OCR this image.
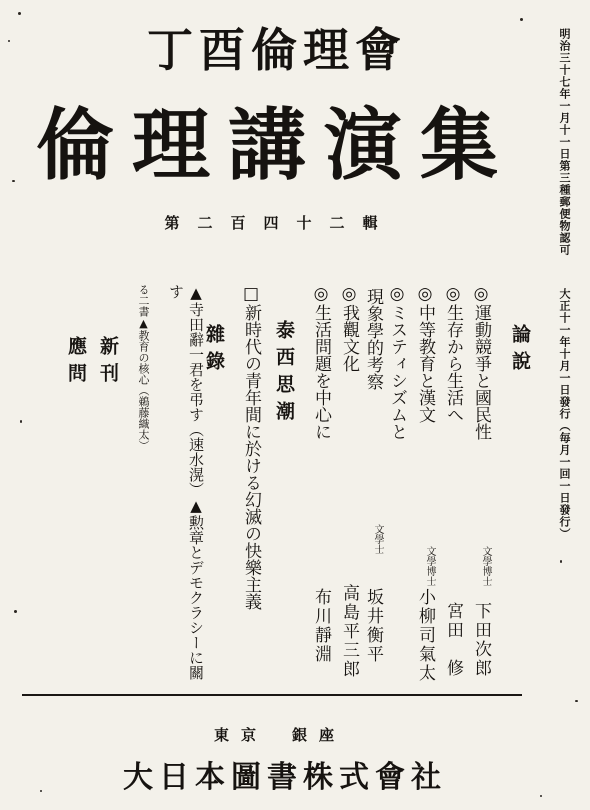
丁酉倫理會
倫理講演集
第二百四十二輯	明治三十七年一月十一日第三種郵便物認可
大正十一年十月一日發行（毎月一回一日發行）
論說
◎運動競爭と國民性
文學博士
下田次郎
◎生存から生活へ
宮田　修
◎中等教育と漢文
文學博士
小柳司氣太
◎ミスティシズムと
現象學的考察
文學士
坂井衡平
◎我觀文化
高島平三郎
◎生活問題を中心に
布川靜淵
泰西思潮
□新時代の青年間に於ける幻滅の快樂主義
雜錄
▲寺田辭一君を弔す（速水滉）▲勲章とデモクラシーに關す
る二書▲教育の核心（鵜藤織太）
新刊
應問
東京 銀座
大日本圖書株式會社
